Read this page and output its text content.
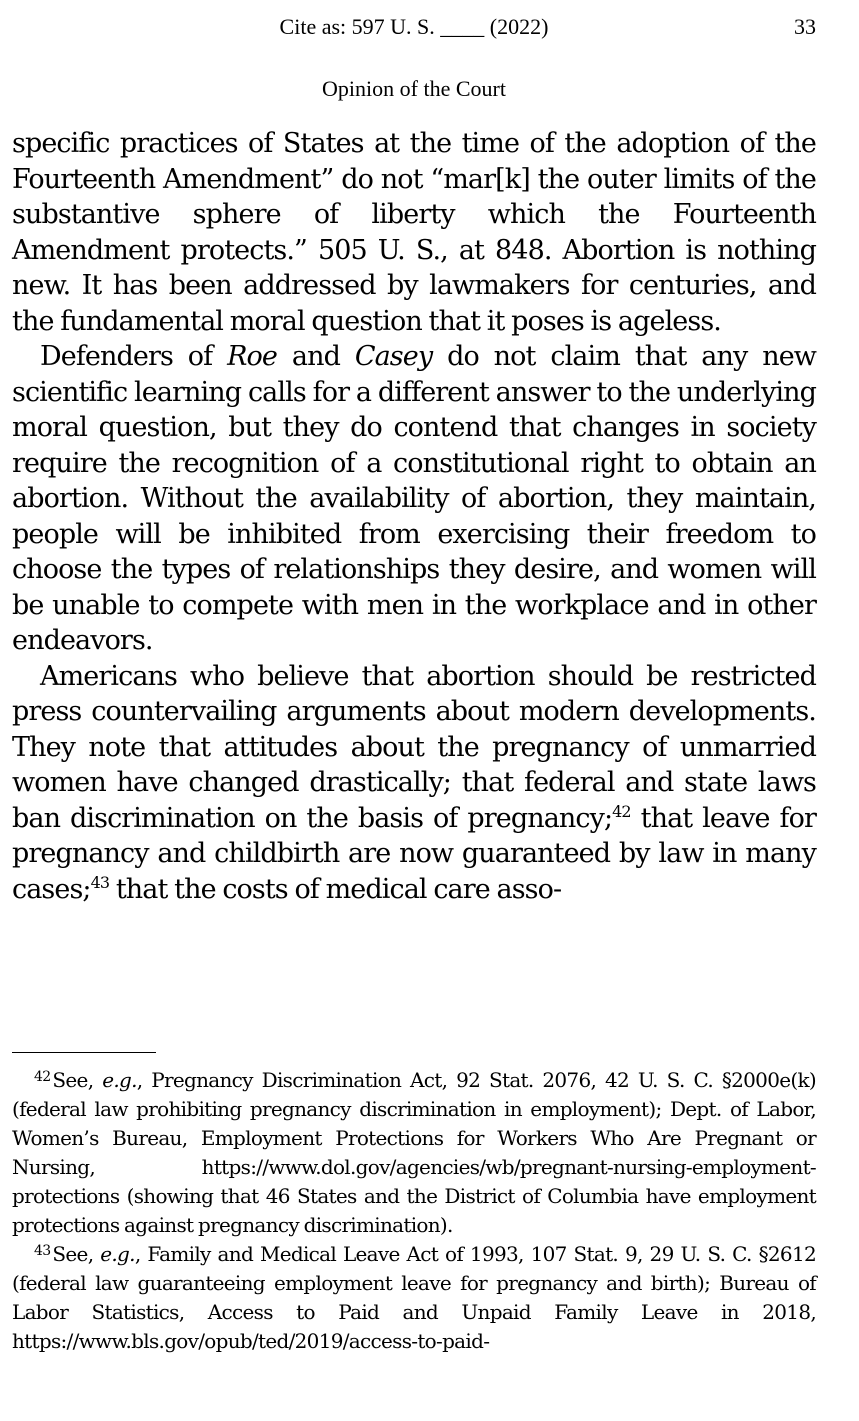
Cite as: 597 U. S. ____ (2022)	33
Opinion of the Court

specific practices of States at the time of the adoption of the Fourteenth Amendment” do not “mar[k] the outer limits of the substantive sphere of liberty which the Fourteenth Amendment protects.” 505 U. S., at 848. Abortion is nothing new. It has been addressed by lawmakers for centuries, and the fundamental moral question that it poses is ageless.

Defenders of Roe and Casey do not claim that any new scientific learning calls for a different answer to the underlying moral question, but they do contend that changes in society require the recognition of a constitutional right to obtain an abortion. Without the availability of abortion, they maintain, people will be inhibited from exercising their freedom to choose the types of relationships they desire, and women will be unable to compete with men in the workplace and in other endeavors.

Americans who believe that abortion should be restricted press countervailing arguments about modern developments. They note that attitudes about the pregnancy of unmarried women have changed drastically; that federal and state laws ban discrimination on the basis of pregnancy;$^{42}$ that leave for pregnancy and childbirth are now guaranteed by law in many cases;$^{43}$ that the costs of medical care asso-

$^{42}$ See, e.g., Pregnancy Discrimination Act, 92 Stat. 2076, 42 U. S. C. §2000e(k) (federal law prohibiting pregnancy discrimination in employment); Dept. of Labor, Women’s Bureau, Employment Protections for Workers Who Are Pregnant or Nursing, https://www.dol.gov/agencies/wb/pregnant-nursing-employment-protections (showing that 46 States and the District of Columbia have employment protections against pregnancy discrimination).

$^{43}$ See, e.g., Family and Medical Leave Act of 1993, 107 Stat. 9, 29 U. S. C. §2612 (federal law guaranteeing employment leave for pregnancy and birth); Bureau of Labor Statistics, Access to Paid and Unpaid Family Leave in 2018, https://www.bls.gov/opub/ted/2019/access-to-paid-
